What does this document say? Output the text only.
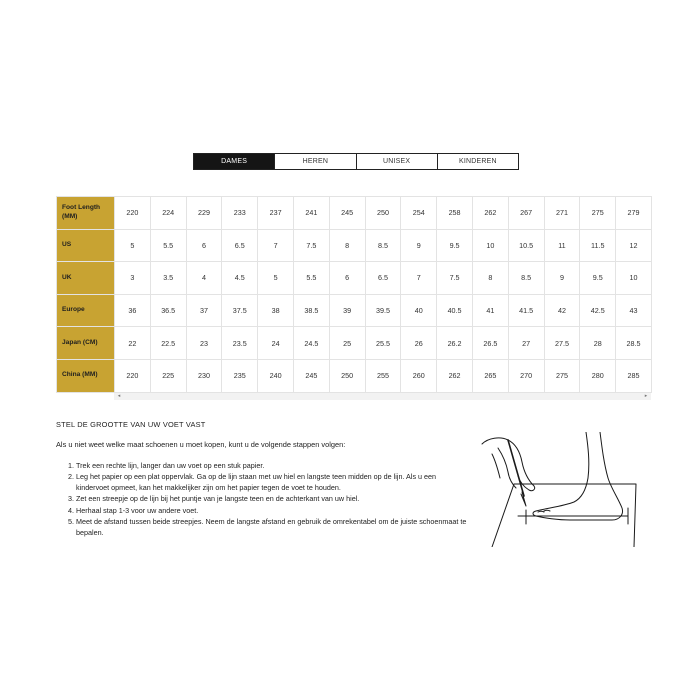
DAMES	HEREN	UNISEX	KINDEREN
Foot Length
(MM)	220	224	229	233	237	241	245	250	254	258	262	267	271	275	279
US	5	5.5	6	6.5	7	7.5	8	8.5	9	9.5	10	10.5	11	11.5	12
UK	3	3.5	4	4.5	5	5.5	6	6.5	7	7.5	8	8.5	9	9.5	10
Europe	36	36.5	37	37.5	38	38.5	39	39.5	40	40.5	41	41.5	42	42.5	43
Japan (CM)	22	22.5	23	23.5	24	24.5	25	25.5	26	26.2	26.5	27	27.5	28	28.5
China (MM)	220	225	230	235	240	245	250	255	260	262	265	270	275	280	285
◂	▸
STEL DE GROOTTE VAN UW VOET VAST
Als u niet weet welke maat schoenen u moet kopen, kunt u de volgende stappen volgen:
1. Trek een rechte lijn, langer dan uw voet op een stuk papier.
2. Leg het papier op een plat oppervlak. Ga op de lijn staan met uw hiel en langste teen midden op de lijn. Als u een kindervoet opmeet, kan het makkelijker zijn om het papier tegen de voet te houden.
3. Zet een streepje op de lijn bij het puntje van je langste teen en de achterkant van uw hiel.
4. Herhaal stap 1-3 voor uw andere voet.
5. Meet de afstand tussen beide streepjes. Neem de langste afstand en gebruik de omrekentabel om de juiste schoenmaat te bepalen.
